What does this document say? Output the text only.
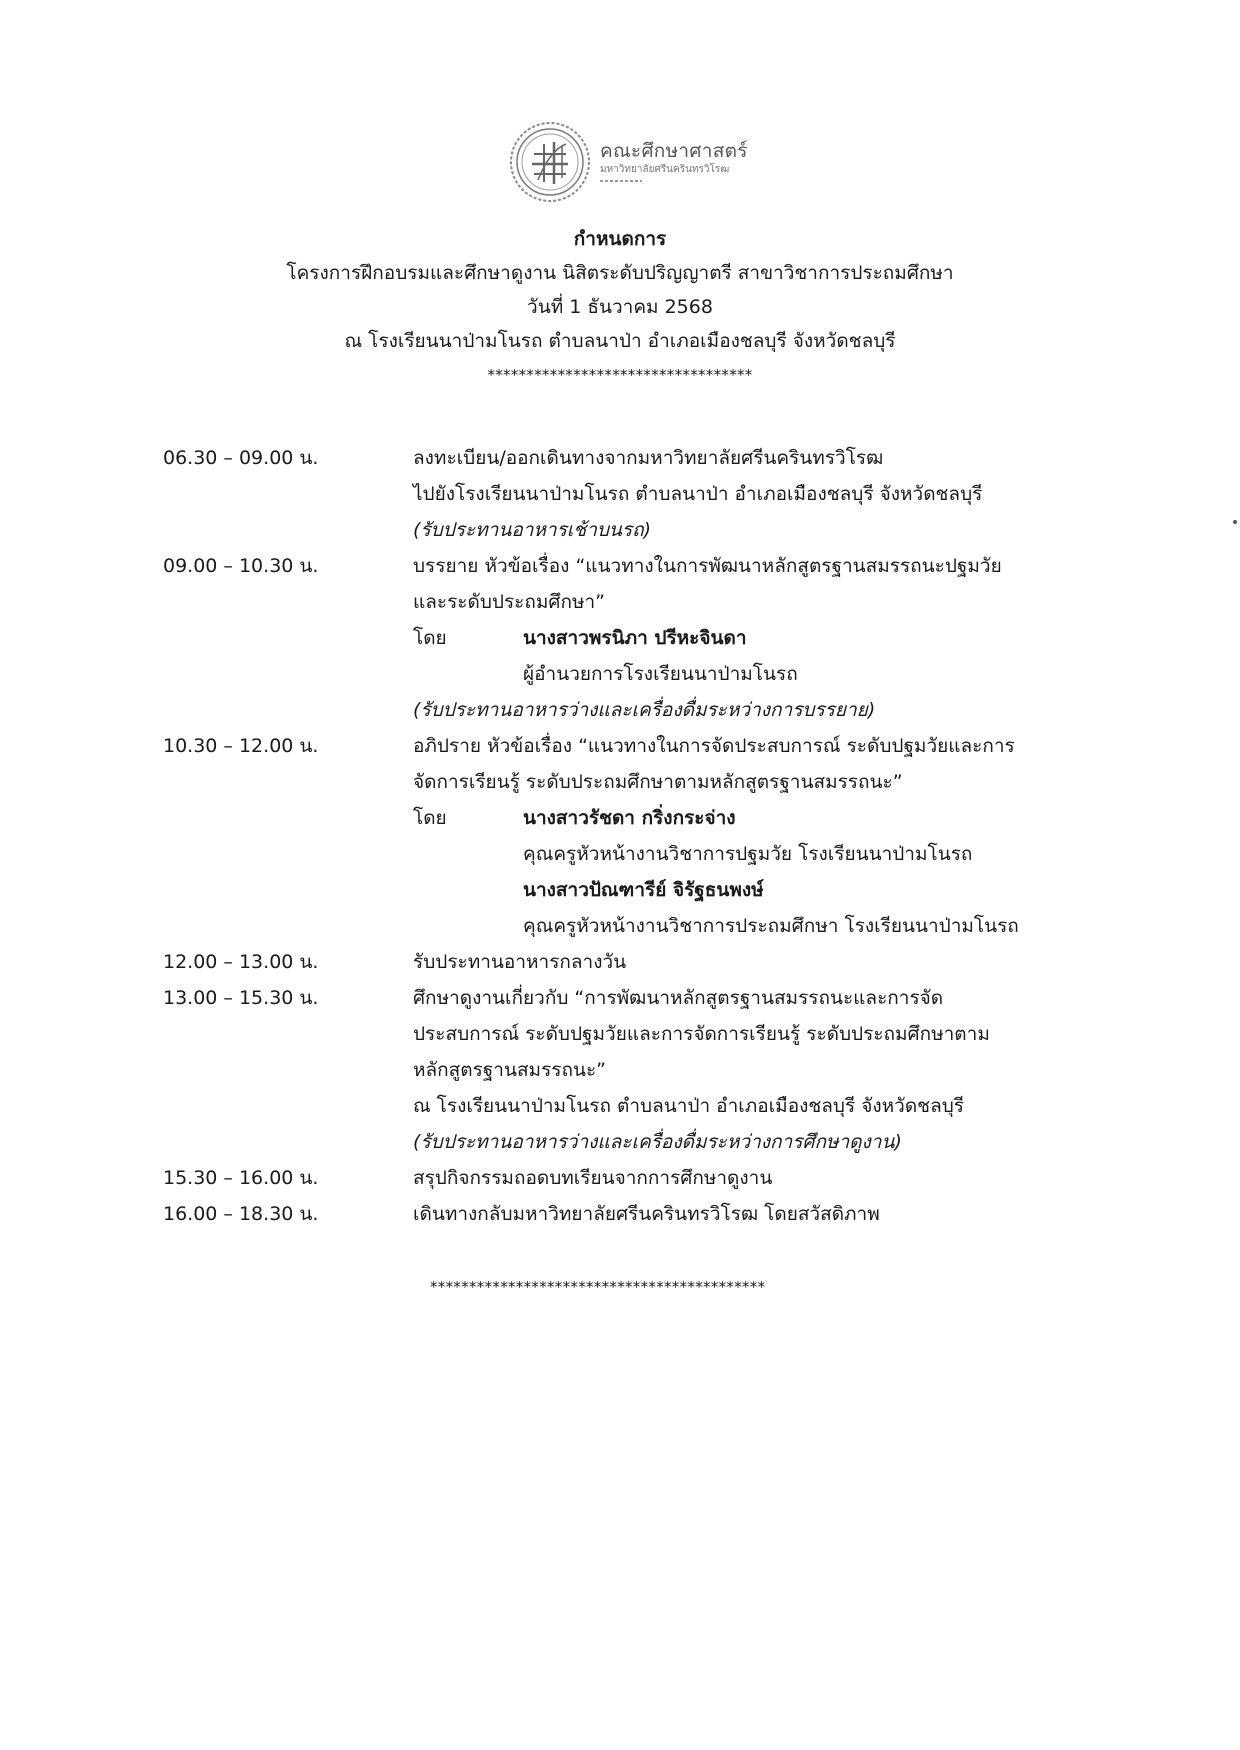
คณะศึกษาศาสตร์
มหาวิทยาลัยศรีนครินทรวิโรฒ
กำหนดการ
โครงการฝึกอบรมและศึกษาดูงาน นิสิตระดับปริญญาตรี สาขาวิชาการประถมศึกษา
วันที่ 1 ธันวาคม 2568
ณ โรงเรียนนาป่ามโนรถ ตำบลนาป่า อำเภอเมืองชลบุรี จังหวัดชลบุรี
**********************************
06.30 – 09.00 น.	ลงทะเบียน/ออกเดินทางจากมหาวิทยาลัยศรีนครินทรวิโรฒ
ไปยังโรงเรียนนาป่ามโนรถ ตำบลนาป่า อำเภอเมืองชลบุรี จังหวัดชลบุรี
(รับประทานอาหารเช้าบนรถ)
09.00 – 10.30 น.	บรรยาย หัวข้อเรื่อง “แนวทางในการพัฒนาหลักสูตรฐานสมรรถนะปฐมวัย
และระดับประถมศึกษา”
โดย	นางสาวพรนิภา ปรีหะจินดา
ผู้อำนวยการโรงเรียนนาป่ามโนรถ
(รับประทานอาหารว่างและเครื่องดื่มระหว่างการบรรยาย)
10.30 – 12.00 น.	อภิปราย หัวข้อเรื่อง “แนวทางในการจัดประสบการณ์ ระดับปฐมวัยและการ
จัดการเรียนรู้ ระดับประถมศึกษาตามหลักสูตรฐานสมรรถนะ”
โดย	นางสาวรัชดา กริ่งกระจ่าง
คุณครูหัวหน้างานวิชาการปฐมวัย โรงเรียนนาป่ามโนรถ
นางสาวปัณฑารีย์ จิรัฐธนพงษ์
คุณครูหัวหน้างานวิชาการประถมศึกษา โรงเรียนนาป่ามโนรถ
12.00 – 13.00 น.	รับประทานอาหารกลางวัน
13.00 – 15.30 น.	ศึกษาดูงานเกี่ยวกับ “การพัฒนาหลักสูตรฐานสมรรถนะและการจัด
ประสบการณ์ ระดับปฐมวัยและการจัดการเรียนรู้ ระดับประถมศึกษาตาม
หลักสูตรฐานสมรรถนะ”
ณ โรงเรียนนาป่ามโนรถ ตำบลนาป่า อำเภอเมืองชลบุรี จังหวัดชลบุรี
(รับประทานอาหารว่างและเครื่องดื่มระหว่างการศึกษาดูงาน)
15.30 – 16.00 น.	สรุปกิจกรรมถอดบทเรียนจากการศึกษาดูงาน
16.00 – 18.30 น.	เดินทางกลับมหาวิทยาลัยศรีนครินทรวิโรฒ โดยสวัสดิภาพ
*******************************************
